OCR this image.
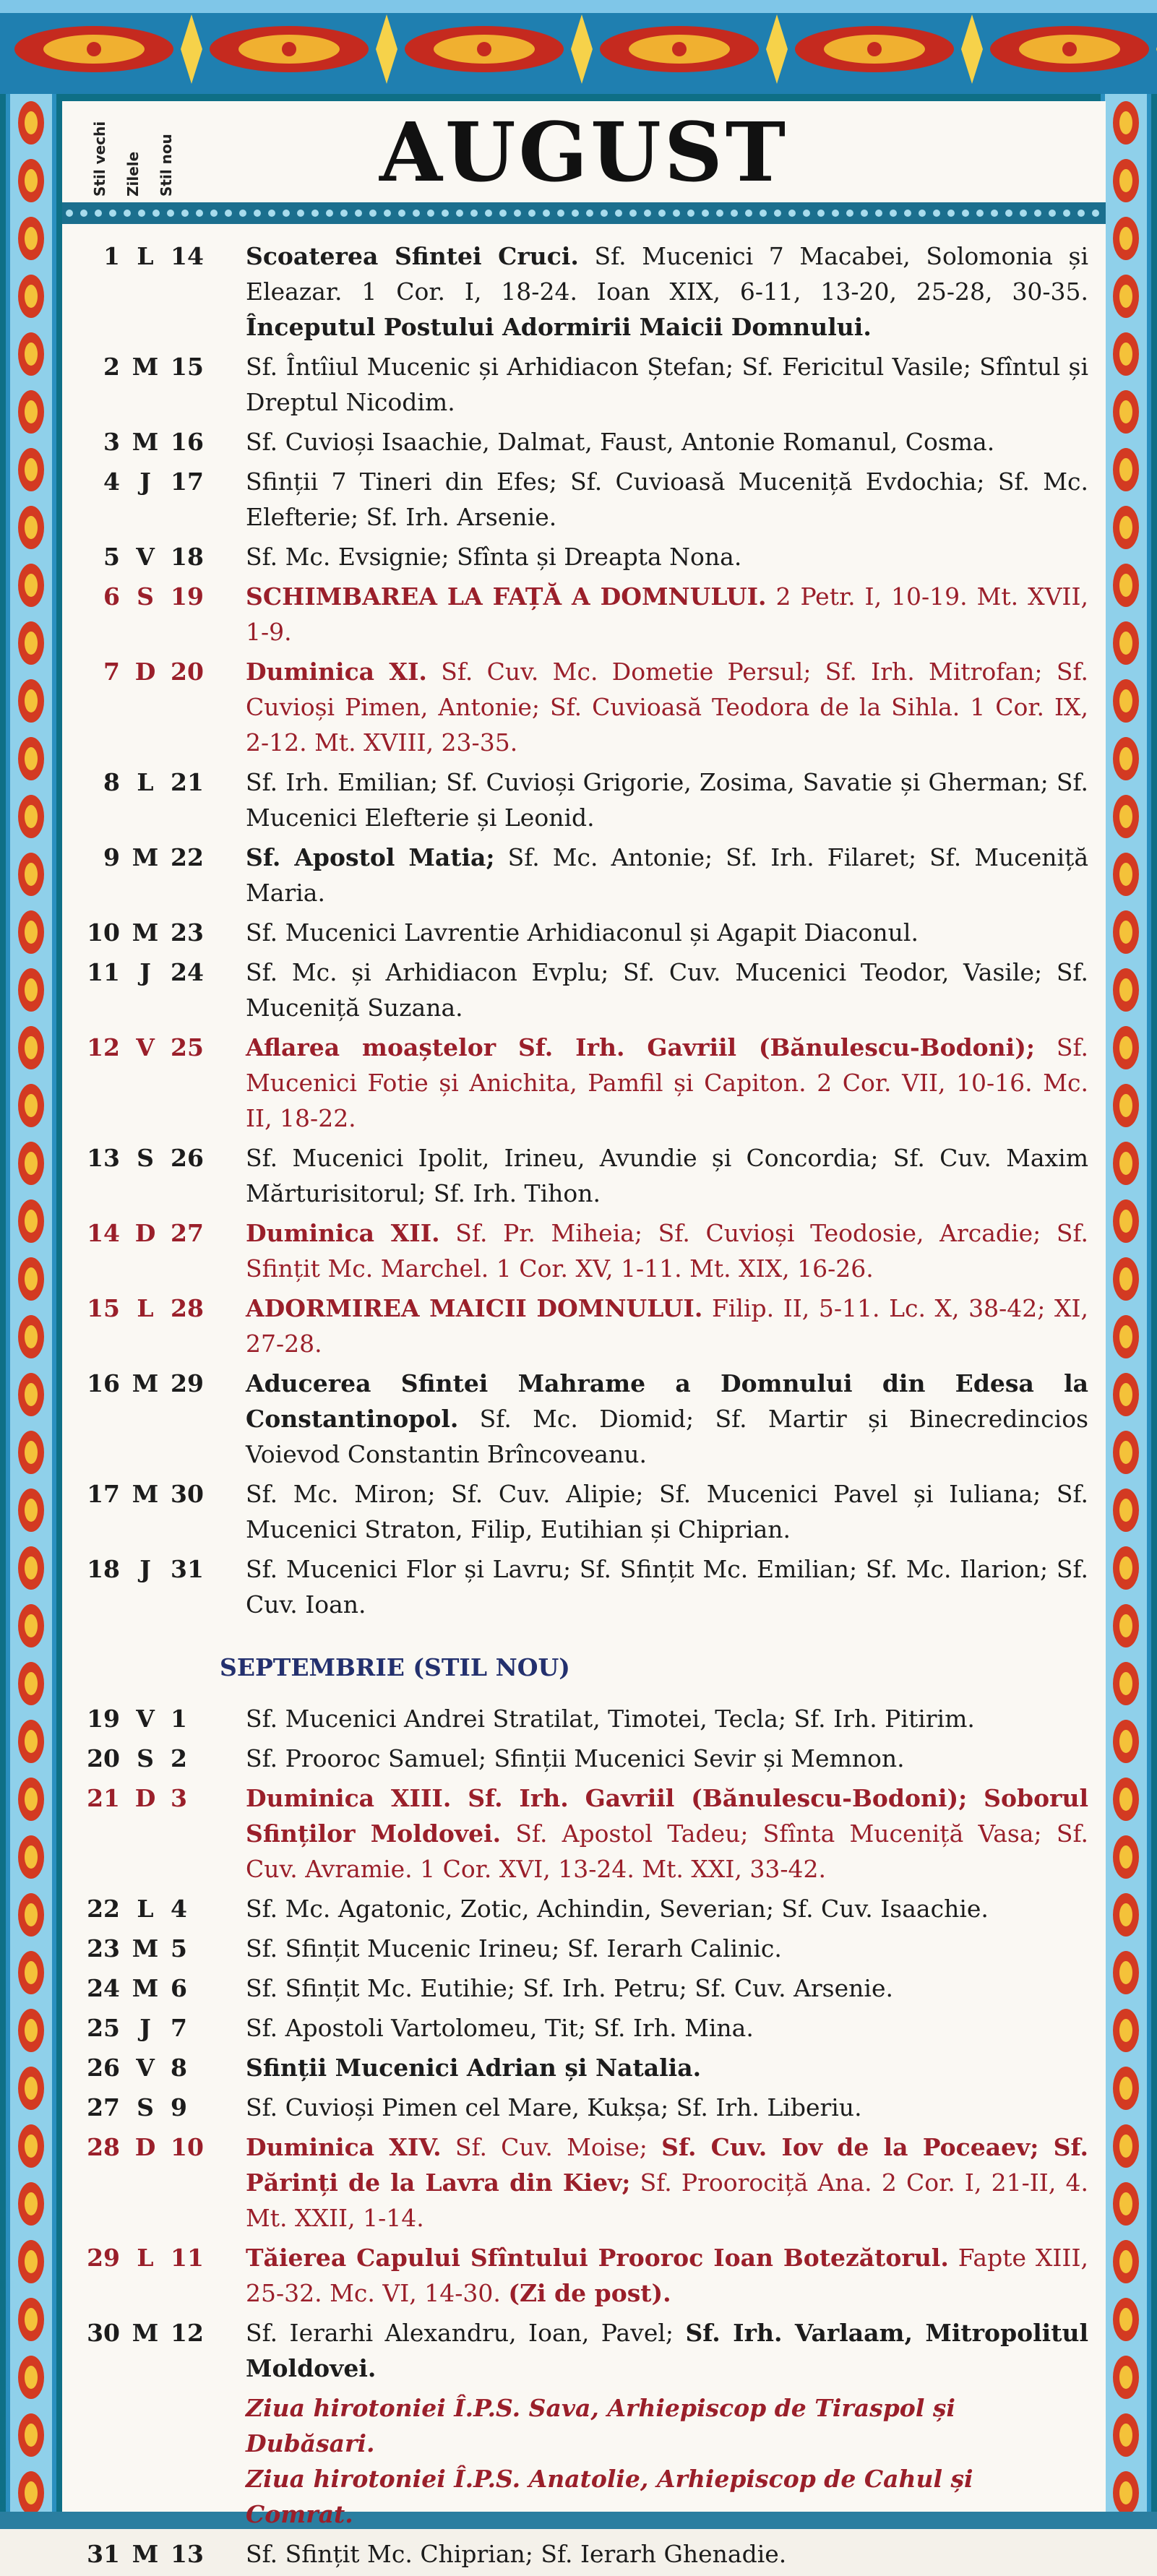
Stil vechi Zilele Stil nou	AUGUST
1 L 14	Scoaterea Sfintei Cruci. Sf. Mucenici 7 Macabei, Solomonia și Eleazar. 1 Cor. I, 18-24. Ioan XIX, 6-11, 13-20, 25-28, 30-35. Începutul Postului Adormirii Maicii Domnului.
2 M 15	Sf. Întîiul Mucenic și Arhidiacon Ștefan; Sf. Fericitul Vasile; Sfîntul și Dreptul Nicodim.
3 M 16	Sf. Cuvioși Isaachie, Dalmat, Faust, Antonie Romanul, Cosma.
4 J 17	Sfinții 7 Tineri din Efes; Sf. Cuvioasă Muceniță Evdochia; Sf. Mc. Elefterie; Sf. Irh. Arsenie.
5 V 18	Sf. Mc. Evsignie; Sfînta și Dreapta Nona.
6 S 19	SCHIMBAREA LA FAȚĂ A DOMNULUI. 2 Petr. I, 10-19. Mt. XVII, 1-9.
7 D 20	Duminica XI. Sf. Cuv. Mc. Dometie Persul; Sf. Irh. Mitrofan; Sf. Cuvioși Pimen, Antonie; Sf. Cuvioasă Teodora de la Sihla. 1 Cor. IX, 2-12. Mt. XVIII, 23-35.
8 L 21	Sf. Irh. Emilian; Sf. Cuvioși Grigorie, Zosima, Savatie și Gherman; Sf. Mucenici Elefterie și Leonid.
9 M 22	Sf. Apostol Matia; Sf. Mc. Antonie; Sf. Irh. Filaret; Sf. Muceniță Maria.
10 M 23	Sf. Mucenici Lavrentie Arhidiaconul și Agapit Diaconul.
11 J 24	Sf. Mc. și Arhidiacon Evplu; Sf. Cuv. Mucenici Teodor, Vasile; Sf. Muceniță Suzana.
12 V 25	Aflarea moaștelor Sf. Irh. Gavriil (Bănulescu-Bodoni); Sf. Mucenici Fotie și Anichita, Pamfil și Capiton. 2 Cor. VII, 10-16. Mc. II, 18-22.
13 S 26	Sf. Mucenici Ipolit, Irineu, Avundie și Concordia; Sf. Cuv. Maxim Mărturisitorul; Sf. Irh. Tihon.
14 D 27	Duminica XII. Sf. Pr. Miheia; Sf. Cuvioși Teodosie, Arcadie; Sf. Sfințit Mc. Marchel. 1 Cor. XV, 1-11. Mt. XIX, 16-26.
15 L 28	ADORMIREA MAICII DOMNULUI. Filip. II, 5-11. Lc. X, 38-42; XI, 27-28.
16 M 29	Aducerea Sfintei Mahrame a Domnului din Edesa la Constantinopol. Sf. Mc. Diomid; Sf. Martir și Binecredincios Voievod Constantin Brîncoveanu.
17 M 30	Sf. Mc. Miron; Sf. Cuv. Alipie; Sf. Mucenici Pavel și Iuliana; Sf. Mucenici Straton, Filip, Eutihian și Chiprian.
18 J 31	Sf. Mucenici Flor și Lavru; Sf. Sfințit Mc. Emilian; Sf. Mc. Ilarion; Sf. Cuv. Ioan.
SEPTEMBRIE (STIL NOU)
19 V 1	Sf. Mucenici Andrei Stratilat, Timotei, Tecla; Sf. Irh. Pitirim.
20 S 2	Sf. Prooroc Samuel; Sfinții Mucenici Sevir și Memnon.
21 D 3	Duminica XIII. Sf. Irh. Gavriil (Bănulescu-Bodoni); Soborul Sfinților Moldovei. Sf. Apostol Tadeu; Sfînta Muceniță Vasa; Sf. Cuv. Avramie. 1 Cor. XVI, 13-24. Mt. XXI, 33-42.
22 L 4	Sf. Mc. Agatonic, Zotic, Achindin, Severian; Sf. Cuv. Isaachie.
23 M 5	Sf. Sfințit Mucenic Irineu; Sf. Ierarh Calinic.
24 M 6	Sf. Sfințit Mc. Eutihie; Sf. Irh. Petru; Sf. Cuv. Arsenie.
25 J 7	Sf. Apostoli Vartolomeu, Tit; Sf. Irh. Mina.
26 V 8	Sfinții Mucenici Adrian și Natalia.
27 S 9	Sf. Cuvioși Pimen cel Mare, Kukșa; Sf. Irh. Liberiu.
28 D 10	Duminica XIV. Sf. Cuv. Moise; Sf. Cuv. Iov de la Poceaev; Sf. Părinți de la Lavra din Kiev; Sf. Proorociță Ana. 2 Cor. I, 21-II, 4. Mt. XXII, 1-14.
29 L 11	Tăierea Capului Sfîntului Prooroc Ioan Botezătorul. Fapte XIII, 25-32. Mc. VI, 14-30. (Zi de post).
30 M 12	Sf. Ierarhi Alexandru, Ioan, Pavel; Sf. Irh. Varlaam, Mitropolitul Moldovei.
Ziua hirotoniei Î.P.S. Sava, Arhiepiscop de Tiraspol și Dubăsari.
Ziua hirotoniei Î.P.S. Anatolie, Arhiepiscop de Cahul și Comrat.
31 M 13	Sf. Sfințit Mc. Chiprian; Sf. Ierarh Ghenadie.
